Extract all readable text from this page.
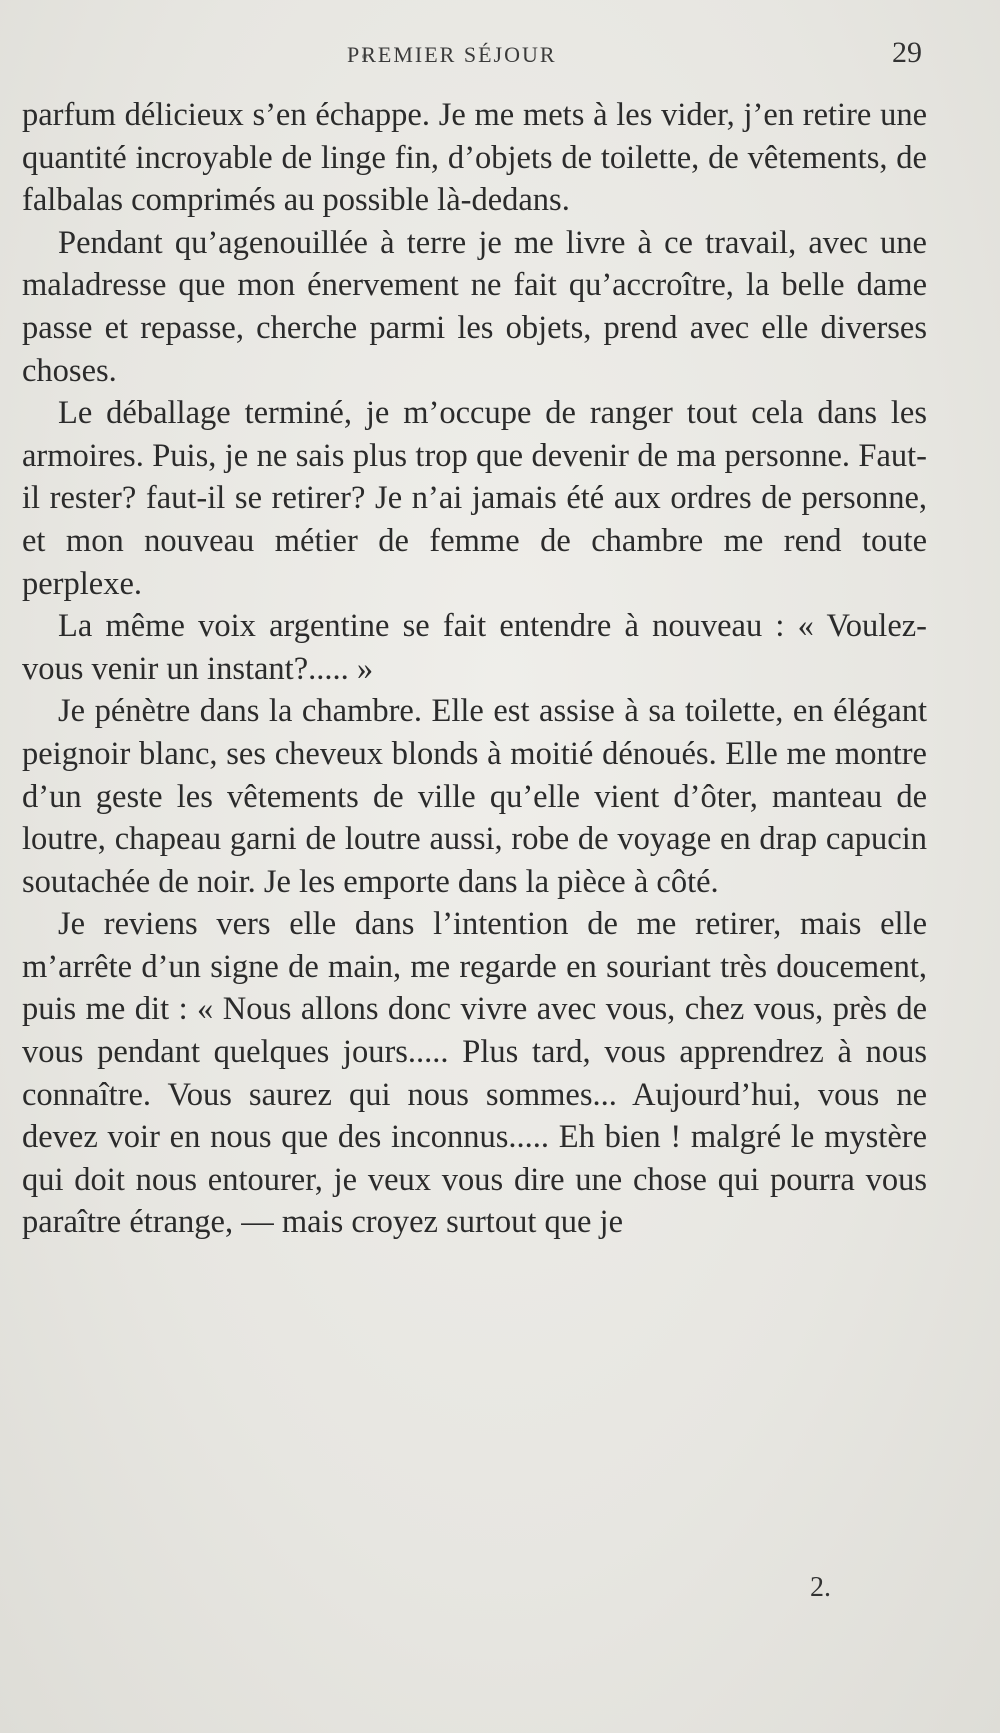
PREMIER SÉJOUR	29

parfum délicieux s’en échappe. Je me mets à les vider, j’en retire une quantité incroyable de linge fin, d’objets de toilette, de vêtements, de falbalas comprimés au possible là-dedans.

Pendant qu’agenouillée à terre je me livre à ce travail, avec une maladresse que mon énervement ne fait qu’accroître, la belle dame passe et repasse, cherche parmi les objets, prend avec elle diverses choses.

Le déballage terminé, je m’occupe de ranger tout cela dans les armoires. Puis, je ne sais plus trop que devenir de ma personne. Faut-il rester? faut-il se retirer? Je n’ai jamais été aux ordres de personne, et mon nouveau métier de femme de chambre me rend toute perplexe.

La même voix argentine se fait entendre à nouveau : « Voulez-vous venir un instant?..... »

Je pénètre dans la chambre. Elle est assise à sa toilette, en élégant peignoir blanc, ses cheveux blonds à moitié dénoués. Elle me montre d’un geste les vêtements de ville qu’elle vient d’ôter, manteau de loutre, chapeau garni de loutre aussi, robe de voyage en drap capucin soutachée de noir. Je les emporte dans la pièce à côté.

Je reviens vers elle dans l’intention de me retirer, mais elle m’arrête d’un signe de main, me regarde en souriant très doucement, puis me dit : « Nous allons donc vivre avec vous, chez vous, près de vous pendant quelques jours..... Plus tard, vous apprendrez à nous connaître. Vous saurez qui nous sommes... Aujourd’hui, vous ne devez voir en nous que des inconnus..... Eh bien ! malgré le mystère qui doit nous entourer, je veux vous dire une chose qui pourra vous paraître étrange, — mais croyez surtout que je

2.
